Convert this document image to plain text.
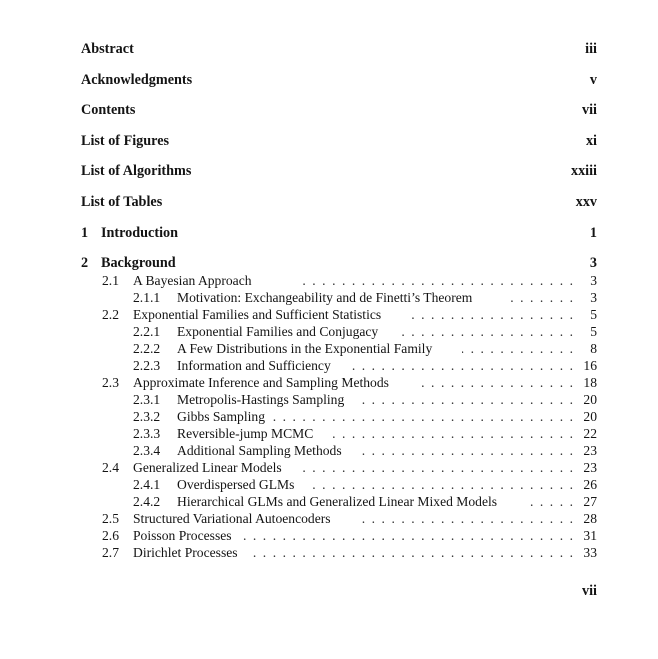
Abstract	iii
Acknowledgments	v
Contents	vii
List of Figures	xi
List of Algorithms	xxiii
List of Tables	xxv
1 Introduction	1
2 Background	3
2.1 A Bayesian Approach . . .	3
2.1.1 Motivation: Exchangeability and de Finetti’s Theorem . . .	3
2.2 Exponential Families and Sufficient Statistics . . .	5
2.2.1 Exponential Families and Conjugacy . . .	5
2.2.2 A Few Distributions in the Exponential Family . . .	8
2.2.3 Information and Sufficiency . . .	16
2.3 Approximate Inference and Sampling Methods . . .	18
2.3.1 Metropolis-Hastings Sampling . . .	20
2.3.2 Gibbs Sampling . . .	20
2.3.3 Reversible-jump MCMC . . .	22
2.3.4 Additional Sampling Methods . . .	23
2.4 Generalized Linear Models . . .	23
2.4.1 Overdispersed GLMs . . .	26
2.4.2 Hierarchical GLMs and Generalized Linear Mixed Models . . .	27
2.5 Structured Variational Autoencoders . . .	28
2.6 Poisson Processes . . .	31
2.7 Dirichlet Processes . . .	33
vii
